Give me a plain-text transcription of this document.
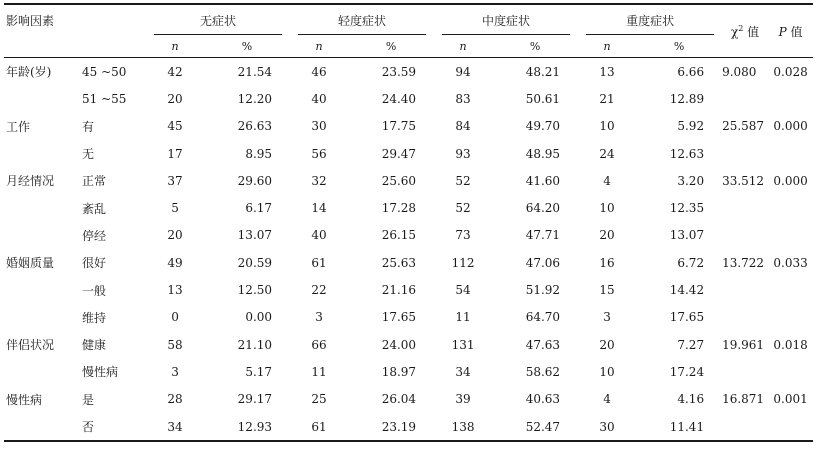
影响因素		无症状		轻度症状		中度症状		重度症状		$\chi^2$ 值	P 值
		n	%	n	%	n	%	n	%		
年龄(岁)	45 ~50	42	21.54	46	23.59	94	48.21	13	6.66	9.080	0.028
	51 ~55	20	12.20	40	24.40	83	50.61	21	12.89		
工作	有	45	26.63	30	17.75	84	49.70	10	5.92	25.587	0.000
	无	17	8.95	56	29.47	93	48.95	24	12.63		
月经情况	正常	37	29.60	32	25.60	52	41.60	4	3.20	33.512	0.000
	紊乱	5	6.17	14	17.28	52	64.20	10	12.35		
	停经	20	13.07	40	26.15	73	47.71	20	13.07		
婚姻质量	很好	49	20.59	61	25.63	112	47.06	16	6.72	13.722	0.033
	一般	13	12.50	22	21.16	54	51.92	15	14.42		
	维持	0	0.00	3	17.65	11	64.70	3	17.65		
伴侣状况	健康	58	21.10	66	24.00	131	47.63	20	7.27	19.961	0.018
	慢性病	3	5.17	11	18.97	34	58.62	10	17.24		
慢性病	是	28	29.17	25	26.04	39	40.63	4	4.16	16.871	0.001
	否	34	12.93	61	23.19	138	52.47	30	11.41		
